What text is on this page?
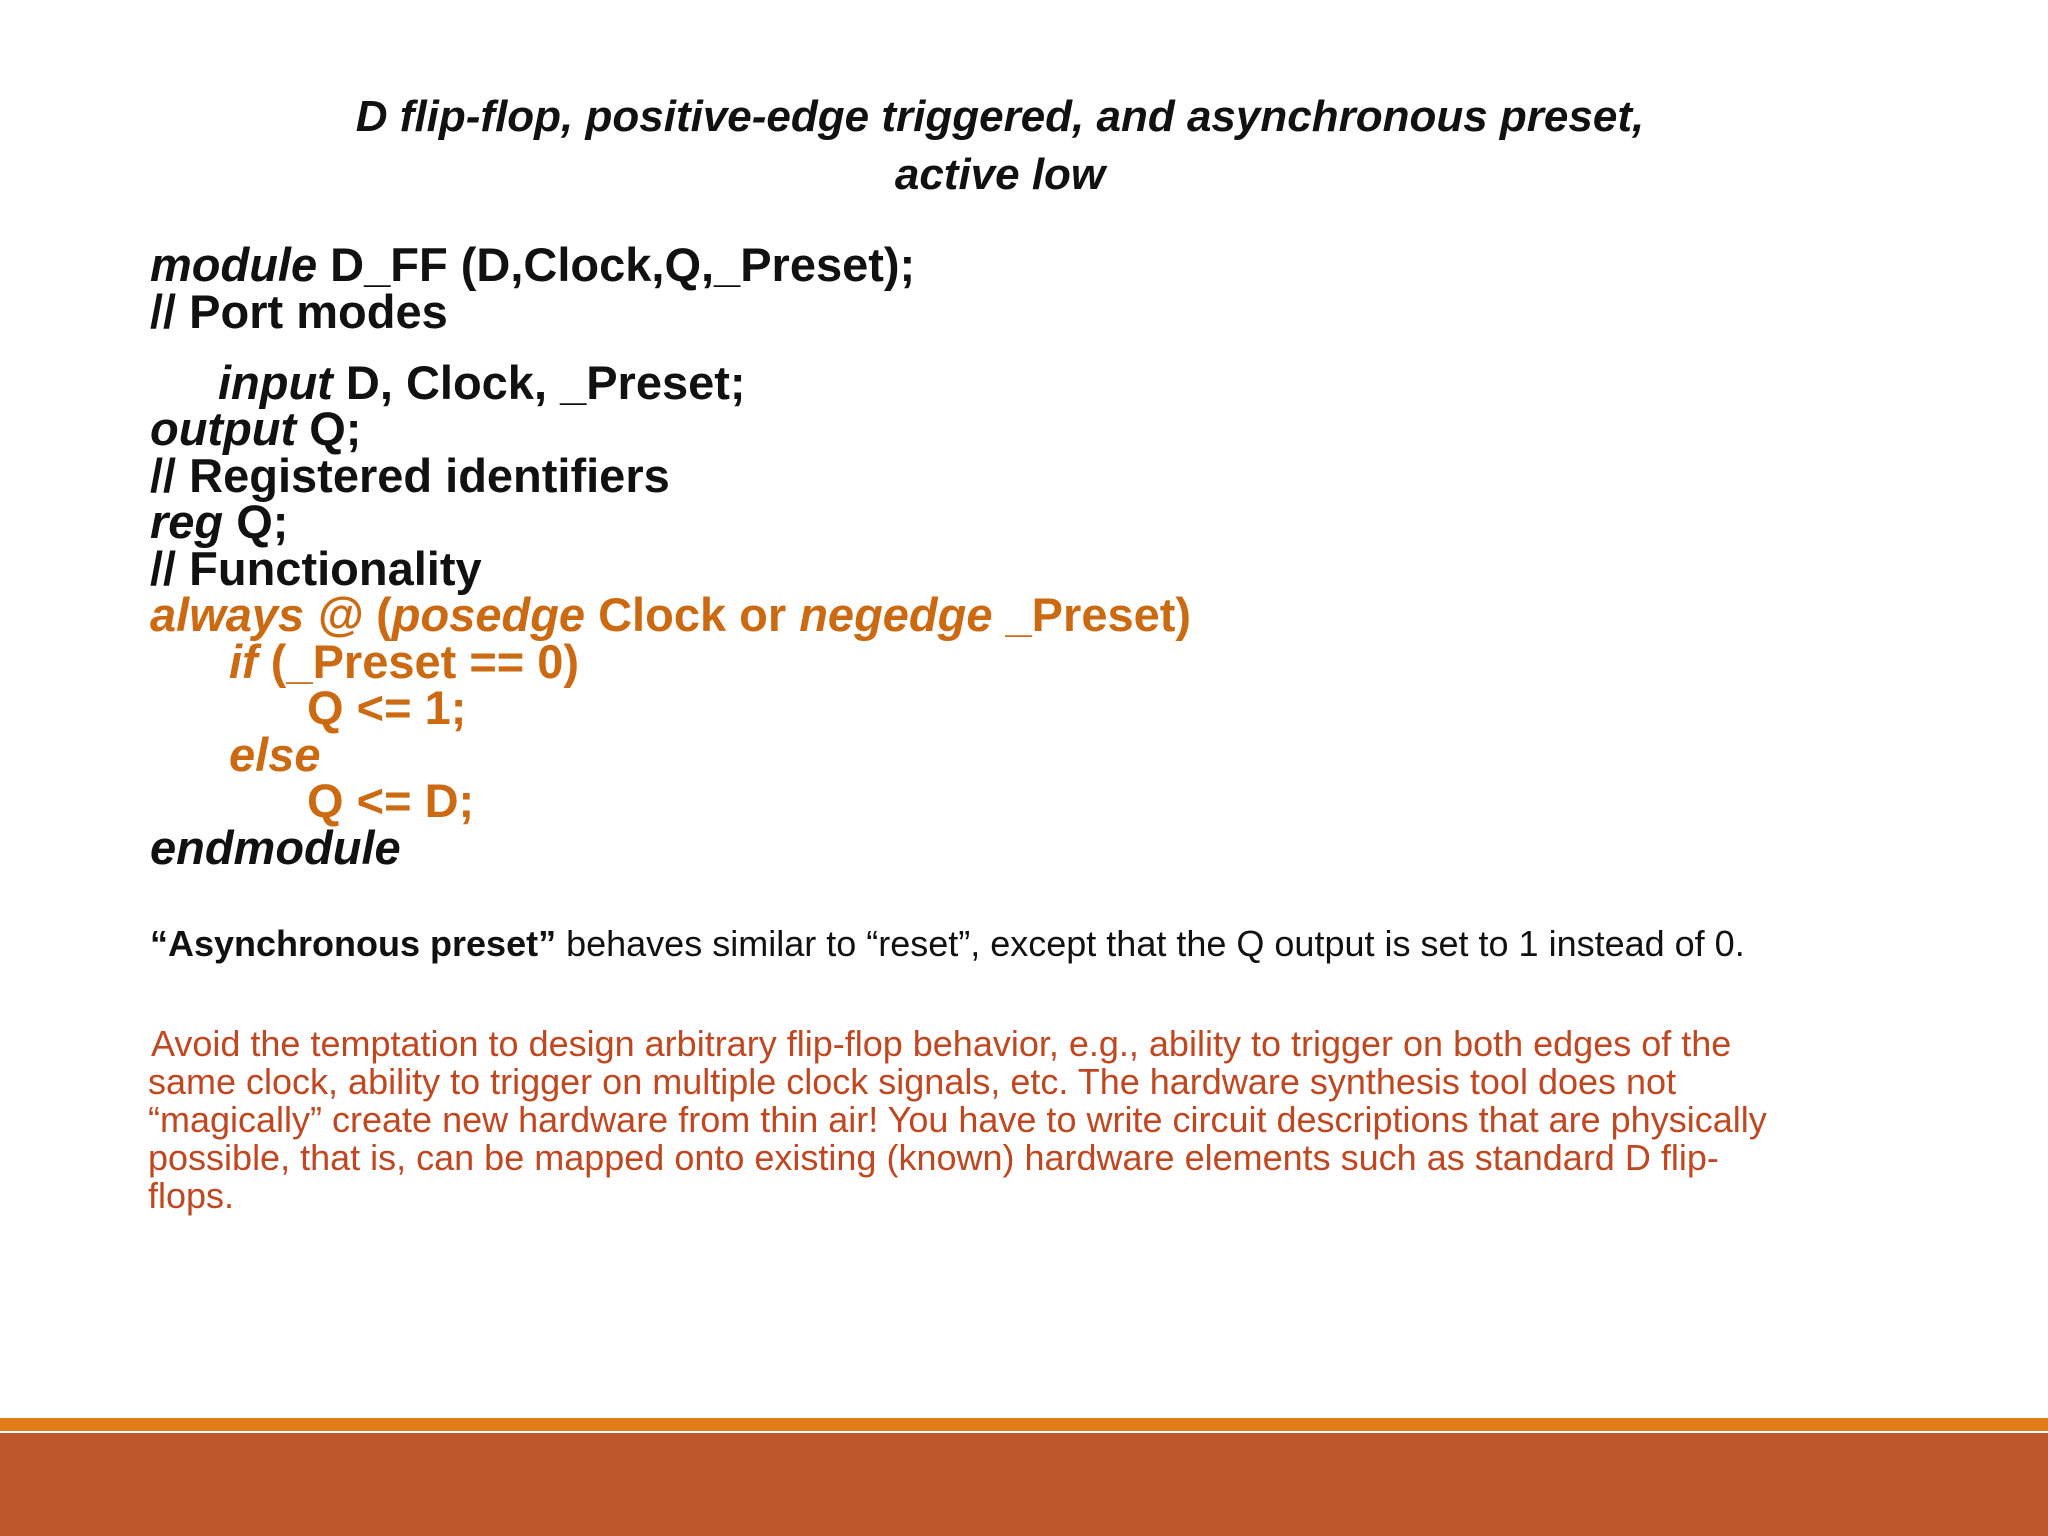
D flip-flop, positive-edge triggered, and asynchronous preset,
active low
module D_FF (D,Clock,Q,_Preset);
// Port modes
input D, Clock, _Preset;
output Q;
// Registered identifiers
reg Q;
// Functionality
always @ (posedge Clock or negedge _Preset)
if (_Preset == 0)
Q <= 1;
else
Q <= D;
endmodule
“Asynchronous preset” behaves similar to “reset”, except that the Q output is set to 1 instead of 0.
Avoid the temptation to design arbitrary flip-flop behavior, e.g., ability to trigger on both edges of the
same clock, ability to trigger on multiple clock signals, etc. The hardware synthesis tool does not
“magically” create new hardware from thin air! You have to write circuit descriptions that are physically
possible, that is, can be mapped onto existing (known) hardware elements such as standard D flip-
flops.
